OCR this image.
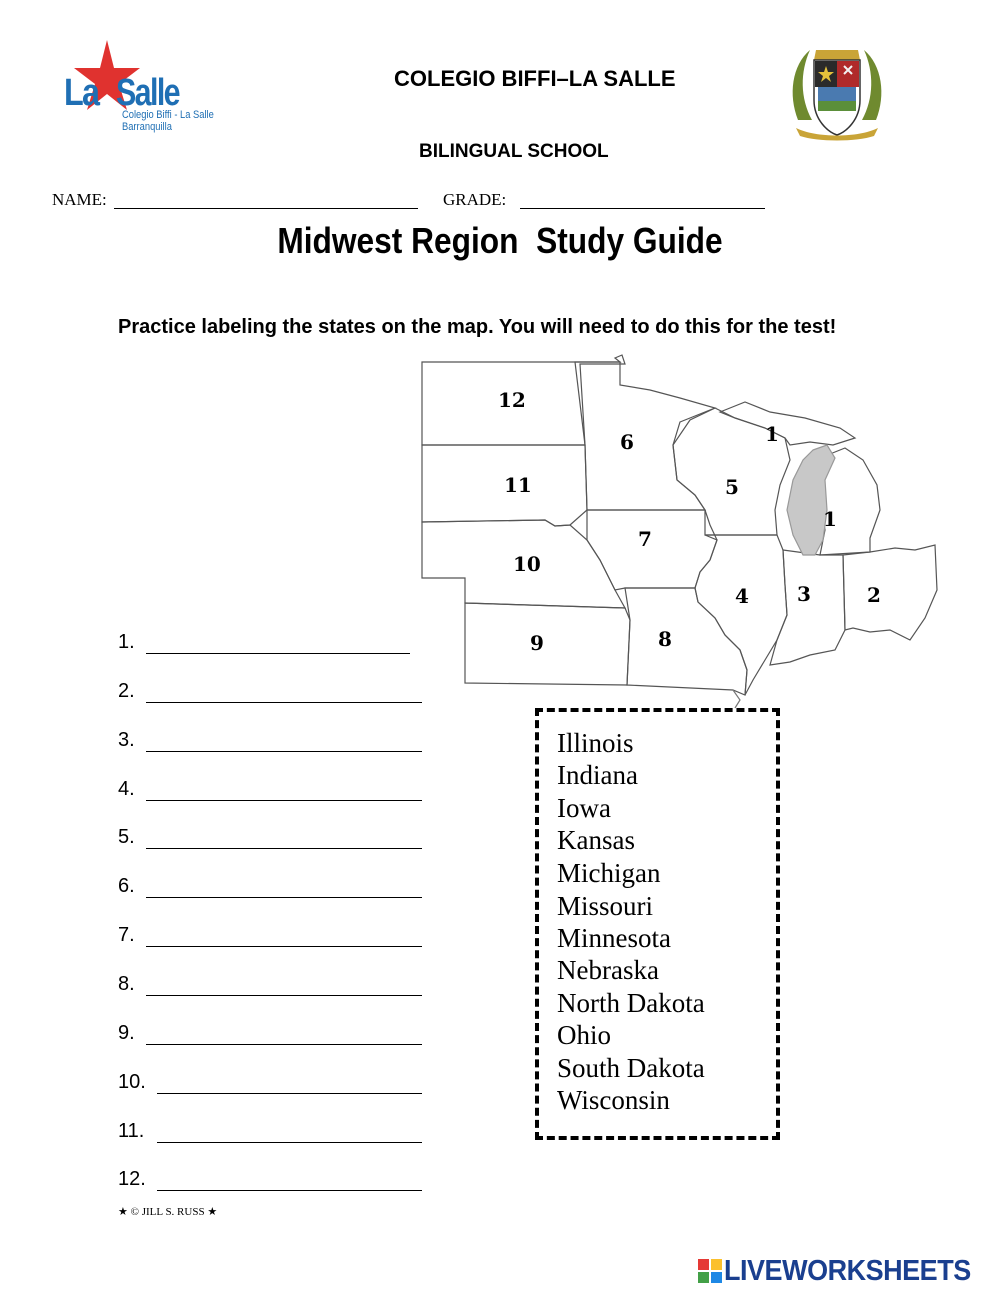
La Salle
Colegio Biffi - La Salle
Barranquilla
COLEGIO BIFFI–LA SALLE
BILINGUAL SCHOOL
NAME:	GRADE:
Midwest Region  Study Guide
Practice labeling the states on the map. You will need to do this for the test!
12
6	1
11	5
1
7
10
4 3	2
9	8
1.
2.
3.
4.
5.
6.
7.
8.
9.
10.
11.
12.
★ © JILL S. RUSS ★
Illinois
Indiana
Iowa
Kansas
Michigan
Missouri
Minnesota
Nebraska
North Dakota
Ohio
South Dakota
Wisconsin
LIVEWORKSHEETS
